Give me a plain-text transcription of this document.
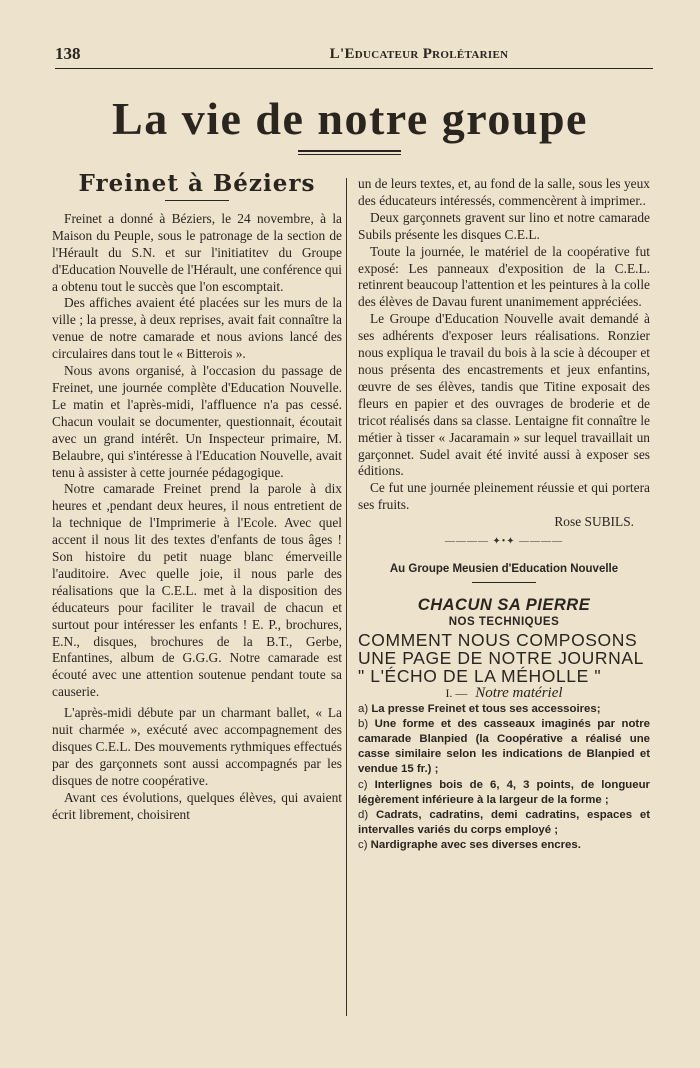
138	L'Educateur Prolétarien
La vie de notre groupe

Freinet à Béziers

Freinet a donné à Béziers, le 24 novembre, à la Maison du Peuple, sous le patronage de la section de l'Hérault du S.N. et sur l'initiatitev du Groupe d'Education Nouvelle de l'Hérault, une conférence qui a obtenu tout le succès que l'on escomptait.

Des affiches avaient été placées sur les murs de la ville ; la presse, à deux reprises, avait fait connaître la venue de notre camarade et nous avions lancé des circulaires dans tout le « Bitterois ».

Nous avons organisé, à l'occasion du passage de Freinet, une journée complète d'Education Nouvelle. Le matin et l'après-midi, l'affluence n'a pas cessé. Chacun voulait se documenter, questionnait, écoutait avec un grand intérêt. Un Inspecteur primaire, M. Belaubre, qui s'intéresse à l'Education Nouvelle, avait tenu à assister à cette journée pédagogique.

Notre camarade Freinet prend la parole à dix heures et ,pendant deux heures, il nous entretient de la technique de l'Imprimerie à l'Ecole. Avec quel accent il nous lit des textes d'enfants de tous âges ! Son histoire du petit nuage blanc émerveille l'auditoire. Avec quelle joie, il nous parle des réalisations que la C.E.L. met à la disposition des éducateurs pour faciliter le travail de chacun et surtout pour intéresser les enfants ! E. P., brochures, E.N., disques, brochures de la B.T., Gerbe, Enfantines, album de G.G.G. Notre camarade est écouté avec une attention soutenue pendant toute sa causerie.

L'après-midi débute par un charmant ballet, « La nuit charmée », exécuté avec accompagnement des disques C.E.L. Des mouvements rythmiques effectués par des garçonnets sont aussi accompagnés par les disques de notre coopérative.

Avant ces évolutions, quelques élèves, qui avaient écrit librement, choisirent

un de leurs textes, et, au fond de la salle, sous les yeux des éducateurs intéressés, commencèrent à imprimer..

Deux garçonnets gravent sur lino et notre camarade Subils présente les disques C.E.L.

Toute la journée, le matériel de la coopérative fut exposé: Les panneaux d'exposition de la C.E.L. retinrent beaucoup l'attention et les peintures à la colle des élèves de Davau furent unanimement appréciées.

Le Groupe d'Education Nouvelle avait demandé à ses adhérents d'exposer leurs réalisations. Ronzier nous expliqua le travail du bois à la scie à découper et nous présenta des encastrements et jeux enfantins, œuvre de ses élèves, tandis que Titine exposait des fleurs en papier et des ouvrages de broderie et de tricot réalisés dans sa classe. Lentaigne fit connaître le métier à tisser « Jacaramain » sur lequel travaillait un garçonnet. Sudel avait été invité aussi à exposer ses éditions.

Ce fut une journée pleinement réussie et qui portera ses fruits.

Rose SUBILS.

———— ✦•✦ ————

Au Groupe Meusien d'Education Nouvelle

CHACUN SA PIERRE

NOS TECHNIQUES

COMMENT NOUS COMPOSONS UNE PAGE DE NOTRE JOURNAL " L'ÉCHO DE LA MÉHOLLE "

I. — Notre matériel

a) La presse Freinet et tous ses accessoires;

b) Une forme et des casseaux imaginés par notre camarade Blanpied (la Coopérative a réalisé une casse similaire selon les indications de Blanpied et vendue 15 fr.) ;

c) Interlignes bois de 6, 4, 3 points, de longueur légèrement inférieure à la largeur de la forme ;

d) Cadrats, cadratins, demi cadratins, espaces et intervalles variés du corps employé ;

c) Nardigraphe avec ses diverses encres.
